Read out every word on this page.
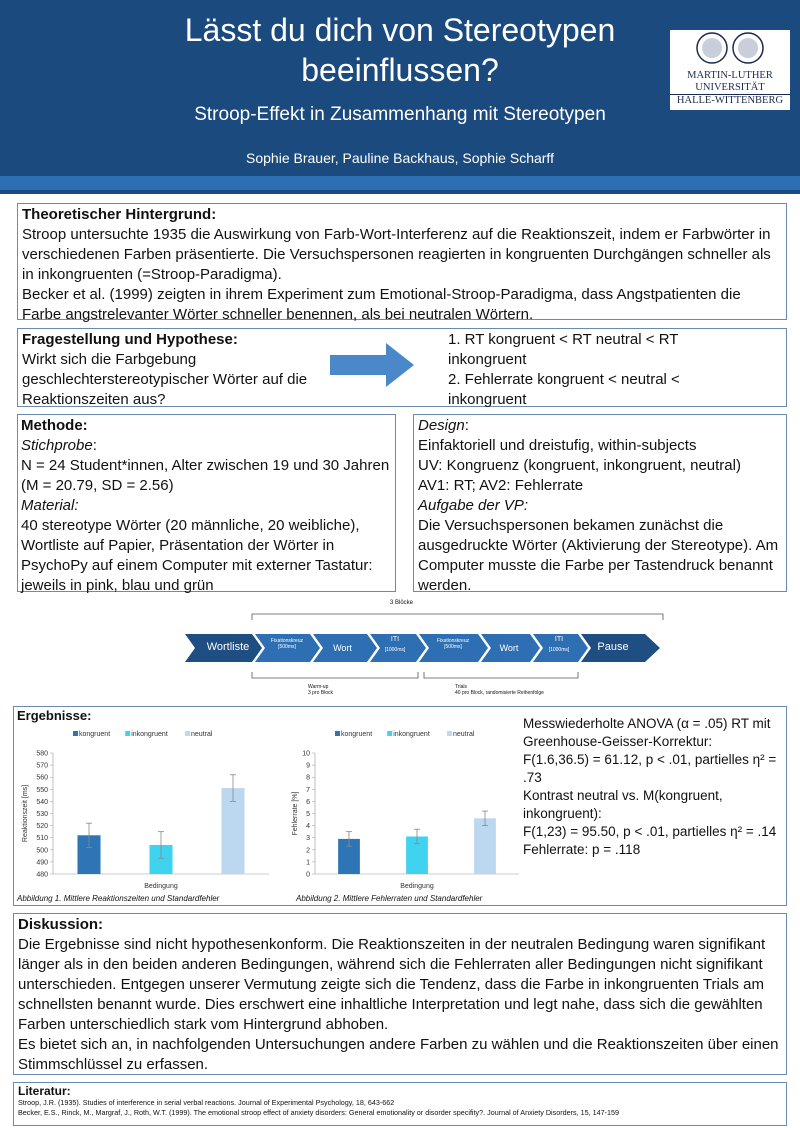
Lässt du dich von Stereotypen
beeinflussen?
Stroop-Effekt in Zusammenhang mit Stereotypen
Sophie Brauer, Pauline Backhaus, Sophie Scharff
MARTIN-LUTHER
UNIVERSITÄT
HALLE-WITTENBERG
Theoretischer Hintergrund:
Stroop untersuchte 1935 die Auswirkung von Farb-Wort-Interferenz auf die Reaktionszeit, indem er Farbwörter in verschiedenen Farben präsentierte. Die Versuchspersonen reagierten in kongruenten Durchgängen schneller als in inkongruenten (=Stroop-Paradigma).
Becker et al. (1999) zeigten in ihrem Experiment zum Emotional-Stroop-Paradigma, dass Angstpatienten die Farbe angstrelevanter Wörter schneller benennen, als bei neutralen Wörtern.
Fragestellung und Hypothese:
Wirkt sich die Farbgebung geschlechterstereotypischer Wörter auf die Reaktionszeiten aus?
1. RT kongruent < RT neutral < RT inkongruent
2. Fehlerrate kongruent < neutral < inkongruent
Methode:
Stichprobe:
N = 24 Student*innen, Alter zwischen 19 und 30 Jahren (M = 20.79, SD = 2.56)
Material:
40 stereotype Wörter (20 männliche, 20 weibliche), Wortliste auf Papier, Präsentation der Wörter in PsychoPy auf einem Computer mit externer Tastatur: jeweils in pink, blau und grün
Design:
Einfaktoriell und dreistufig, within-subjects
UV: Kongruenz (kongruent, inkongruent, neutral)
AV1: RT; AV2: Fehlerrate
Aufgabe der VP:
Die Versuchspersonen bekamen zunächst die ausgedruckte Wörter (Aktivierung der Stereotype). Am Computer musste die Farbe per Tastendruck benannt werden.
3 Blöcke
Wortliste	Fixationskreuz
[500ms]	Wort
ITI
[1000ms]
Fixationskreuz
[500ms]	Wort
ITI
[1000ms]	Pause
Warm-up
3 pro Block
Trials
40 pro Block, randomisierte Reihenfolge
Ergebnisse:
kongruent	inkongruent	neutral
480
490
500
510
520
530
540
550
560
570
580
Bedingung
Reaktionszeit [ms]
kongruent	inkongruent	neutral
0
1
2
3
4
5
6
7
8
9
10
Bedingung
Fehlerrate [%]
Abbildung 1. Mittlere Reaktionszeiten und Standardfehler	Abbildung 2. Mittlere Fehlerraten und Standardfehler
Messwiederholte ANOVA (α = .05) RT mit Greenhouse-Geisser-Korrektur:
F(1.6,36.5) = 61.12, p < .01, partielles η² = .73
Kontrast neutral vs. M(kongruent, inkongruent):
F(1,23) = 95.50, p < .01, partielles η² = .14
Fehlerrate: p = .118
Diskussion:
Die Ergebnisse sind nicht hypothesenkonform. Die Reaktionszeiten in der neutralen Bedingung waren signifikant länger als in den beiden anderen Bedingungen, während sich die Fehlerraten aller Bedingungen nicht signifikant unterschieden. Entgegen unserer Vermutung zeigte sich die Tendenz, dass die Farbe in inkongruenten Trials am schnellsten benannt wurde. Dies erschwert eine inhaltliche Interpretation und legt nahe, dass sich die gewählten Farben unterschiedlich stark vom Hintergrund abhoben.
Es bietet sich an, in nachfolgenden Untersuchungen andere Farben zu wählen und die Reaktionszeiten über einen Stimmschlüssel zu erfassen.
Literatur:
Stroop, J.R. (1935). Studies of interference in serial verbal reactions. Journal of Experimental Psychology, 18, 643-662
Becker, E.S., Rinck, M., Margraf, J., Roth, W.T. (1999). The emotional stroop effect of anxiety disorders: General emotionality or disorder specifity?. Journal of Anxiety Disorders, 15, 147-159
